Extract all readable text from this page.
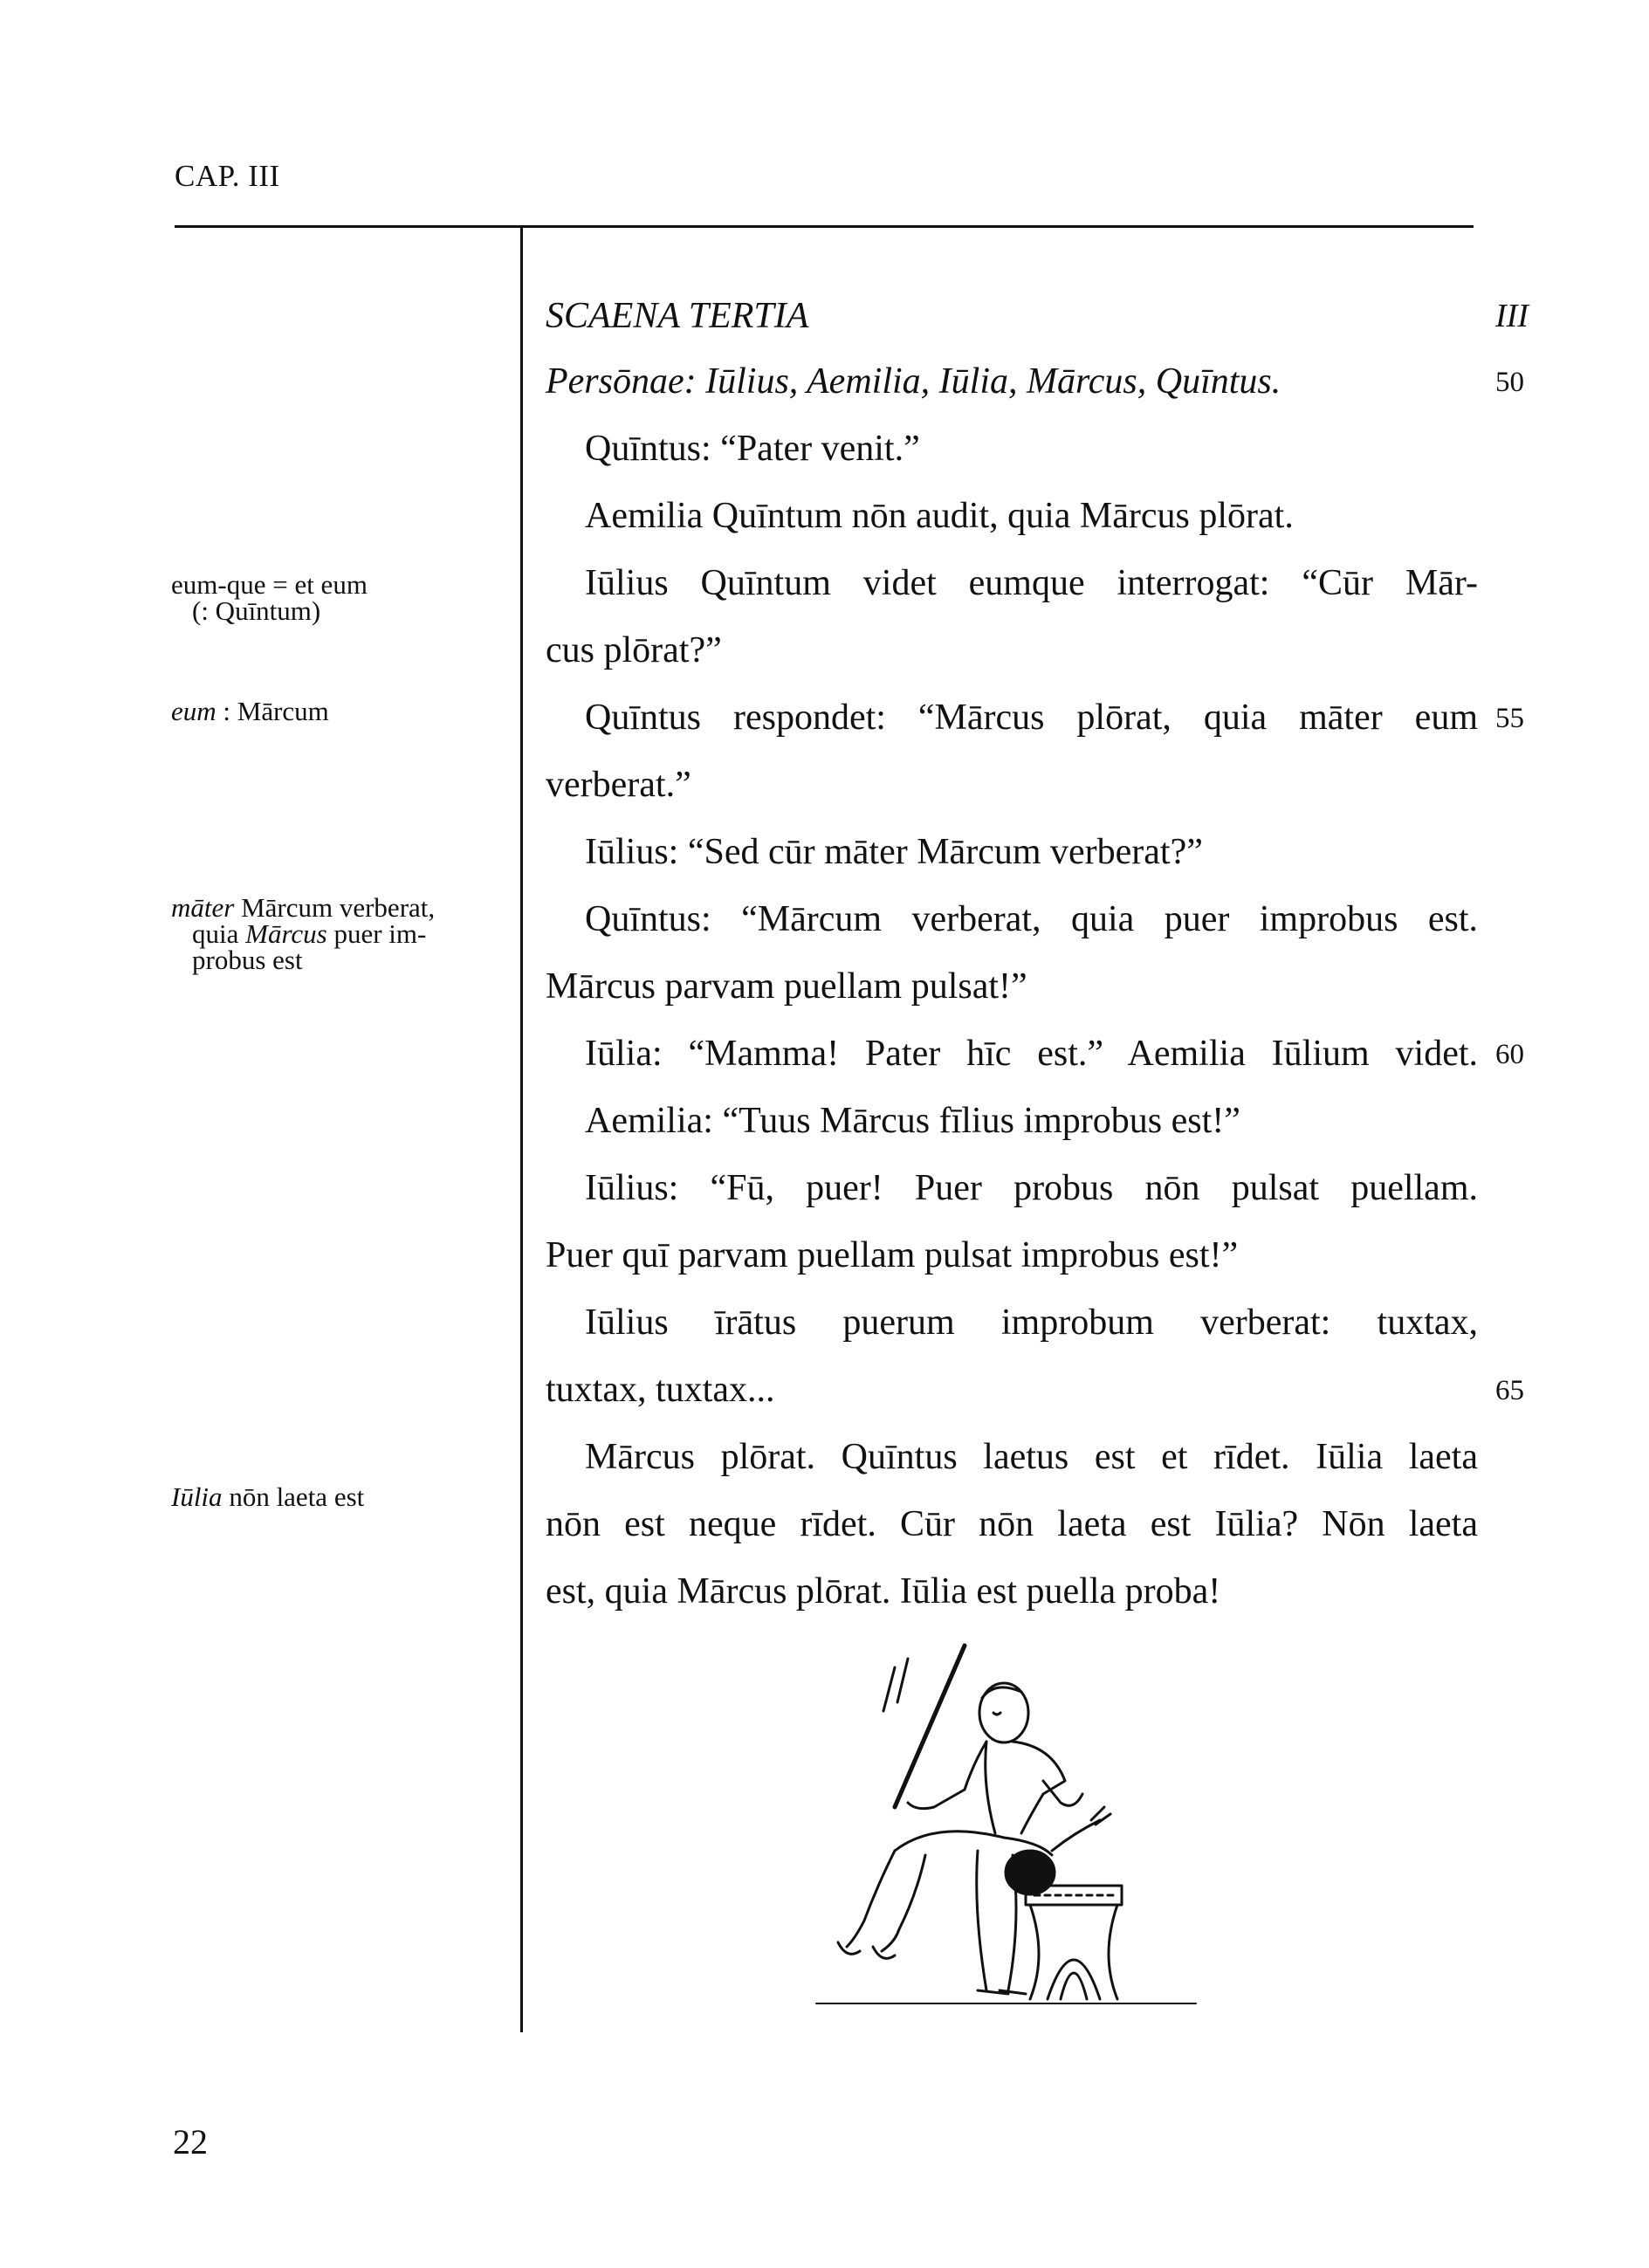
CAP. III
eum-que = et eum
(: Quīntum)
eum : Mārcum
māter Mārcum verberat,
quia Mārcus puer im-
probus est
Iūlia nōn laeta est
SCAENA TERTIA	III
Persōnae: Iūlius, Aemilia, Iūlia, Mārcus, Quīntus.	50
Quīntus: “Pater venit.”
Aemilia Quīntum nōn audit, quia Mārcus plōrat.
Iūlius Quīntum videt eumque interrogat: “Cūr Mār-
cus plōrat?”
Quīntus respondet: “Mārcus plōrat, quia māter eum 55
verberat.”
Iūlius: “Sed cūr māter Mārcum verberat?”
Quīntus: “Mārcum verberat, quia puer improbus est.
Mārcus parvam puellam pulsat!”
Iūlia: “Mamma! Pater hīc est.” Aemilia Iūlium videt. 60
Aemilia: “Tuus Mārcus fīlius improbus est!”
Iūlius: “Fū, puer! Puer probus nōn pulsat puellam.
Puer quī parvam puellam pulsat improbus est!”
Iūlius īrātus puerum improbum verberat: tuxtax,
tuxtax, tuxtax...	65
Mārcus plōrat. Quīntus laetus est et rīdet. Iūlia laeta
nōn est neque rīdet. Cūr nōn laeta est Iūlia? Nōn laeta
est, quia Mārcus plōrat. Iūlia est puella proba!
22
